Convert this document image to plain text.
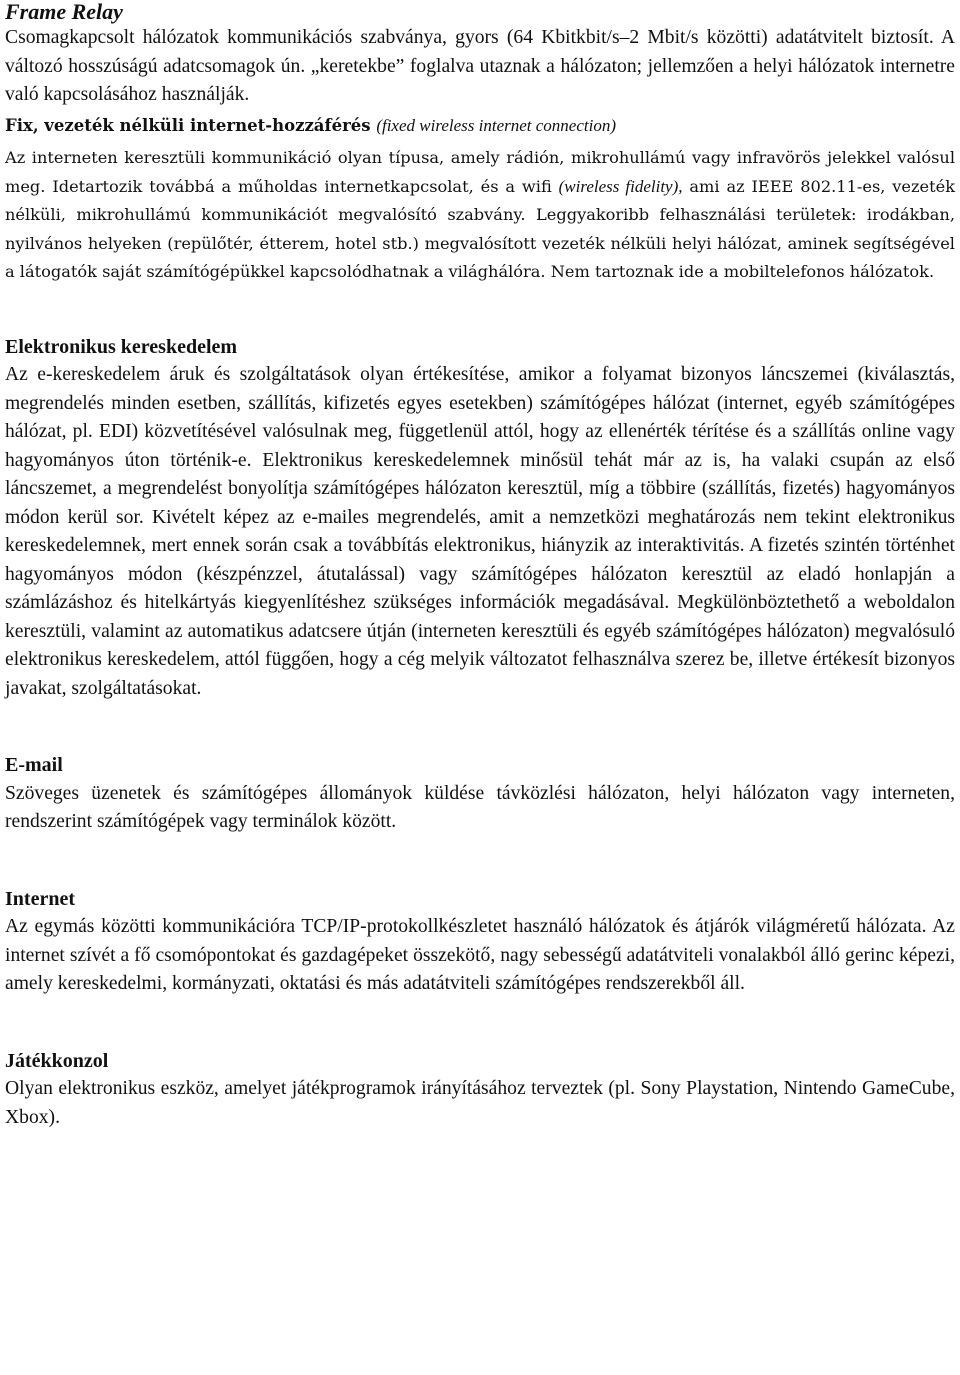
Frame Relay

Csomagkapcsolt hálózatok kommunikációs szabványa, gyors (64 Kbitkbit/s–2 Mbit/s közötti) adatátvitelt biztosít. A változó hosszúságú adatcsomagok ún. „keretekbe” foglalva utaznak a hálózaton; jellemzően a helyi hálózatok internetre való kapcsolásához használják.

Fix, vezeték nélküli internet-hozzáférés (fixed wireless internet connection)

Az interneten keresztüli kommunikáció olyan típusa, amely rádión, mikrohullámú vagy infravörös jelekkel valósul meg. Idetartozik továbbá a műholdas internetkapcsolat, és a wifi (wireless fidelity), ami az IEEE 802.11-es, vezeték nélküli, mikrohullámú kommunikációt megvalósító szabvány. Leggyakoribb felhasználási területek: irodákban, nyilvános helyeken (repülőtér, étterem, hotel stb.) megvalósított vezeték nélküli helyi hálózat, aminek segítségével a látogatók saját számítógépükkel kapcsolódhatnak a világhálóra. Nem tartoznak ide a mobiltelefonos hálózatok.

Elektronikus kereskedelem

Az e-kereskedelem áruk és szolgáltatások olyan értékesítése, amikor a folyamat bizonyos láncszemei (kiválasztás, megrendelés minden esetben, szállítás, kifizetés egyes esetekben) számítógépes hálózat (internet, egyéb számítógépes hálózat, pl. EDI) közvetítésével valósulnak meg, függetlenül attól, hogy az ellenérték térítése és a szállítás online vagy hagyományos úton történik-e. Elektronikus kereskedelemnek minősül tehát már az is, ha valaki csupán az első láncszemet, a megrendelést bonyolítja számítógépes hálózaton keresztül, míg a többire (szállítás, fizetés) hagyományos módon kerül sor. Kivételt képez az e-mailes megrendelés, amit a nemzetközi meghatározás nem tekint elektronikus kereskedelemnek, mert ennek során csak a továbbítás elektronikus, hiányzik az interaktivitás. A fizetés szintén történhet hagyományos módon (készpénzzel, átutalással) vagy számítógépes hálózaton keresztül az eladó honlapján a számlázáshoz és hitelkártyás kiegyenlítéshez szükséges információk megadásával. Megkülönböztethető a weboldalon keresztüli, valamint az automatikus adatcsere útján (interneten keresztüli és egyéb számítógépes hálózaton) megvalósuló elektronikus kereskedelem, attól függően, hogy a cég melyik változatot felhasználva szerez be, illetve értékesít bizonyos javakat, szolgáltatásokat.

E-mail

Szöveges üzenetek és számítógépes állományok küldése távközlési hálózaton, helyi hálózaton vagy interneten, rendszerint számítógépek vagy terminálok között.

Internet

Az egymás közötti kommunikációra TCP/IP-protokollkészletet használó hálózatok és átjárók világméretű hálózata. Az internet szívét a fő csomópontokat és gazdagépeket összekötő, nagy sebességű adatátviteli vonalakból álló gerinc képezi, amely kereskedelmi, kormányzati, oktatási és más adatátviteli számítógépes rendszerekből áll.

Játékkonzol

Olyan elektronikus eszköz, amelyet játékprogramok irányításához terveztek (pl. Sony Playstation, Nintendo GameCube, Xbox).
